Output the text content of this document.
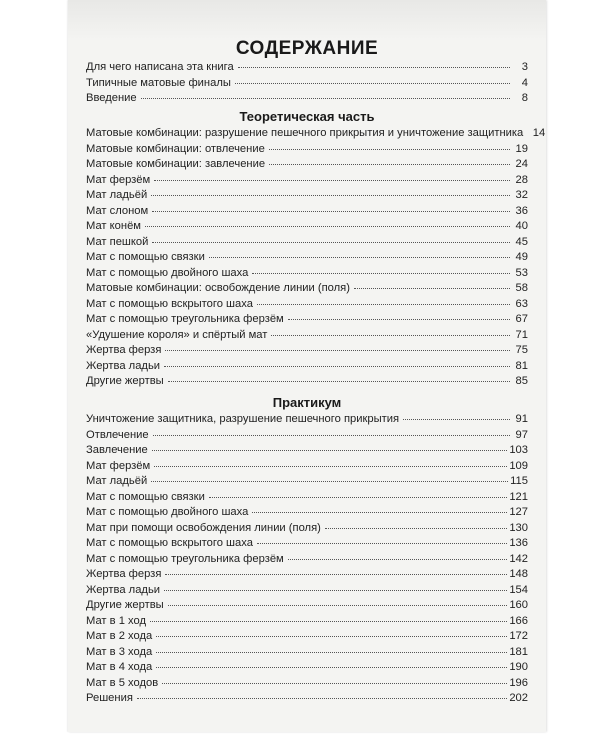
СОДЕРЖАНИЕ
Для чего написана эта книга	3
Типичные матовые финалы	4
Введение	8
Теоретическая часть
Матовые комбинации: разрушение пешечного прикрытия и уничтожение защитника 14
Матовые комбинации: отвлечение	19
Матовые комбинации: завлечение	24
Мат ферзём	28
Мат ладьёй	32
Мат слоном	36
Мат конём	40
Мат пешкой	45
Мат с помощью связки	49
Мат с помощью двойного шаха	53
Матовые комбинации: освобождение линии (поля)	58
Мат с помощью вскрытого шаха	63
Мат с помощью треугольника ферзём	67
«Удушение короля» и спёртый мат	71
Жертва ферзя	75
Жертва ладьи	81
Другие жертвы	85
Практикум
Уничтожение защитника, разрушение пешечного прикрытия	91
Отвлечение	97
Завлечение	103
Мат ферзём	109
Мат ладьёй	115
Мат с помощью связки	121
Мат с помощью двойного шаха	127
Мат при помощи освобождения линии (поля)	130
Мат с помощью вскрытого шаха	136
Мат с помощью треугольника ферзём	142
Жертва ферзя	148
Жертва ладьи	154
Другие жертвы	160
Мат в 1 ход	166
Мат в 2 хода	172
Мат в 3 хода	181
Мат в 4 хода	190
Мат в 5 ходов	196
Решения	202
